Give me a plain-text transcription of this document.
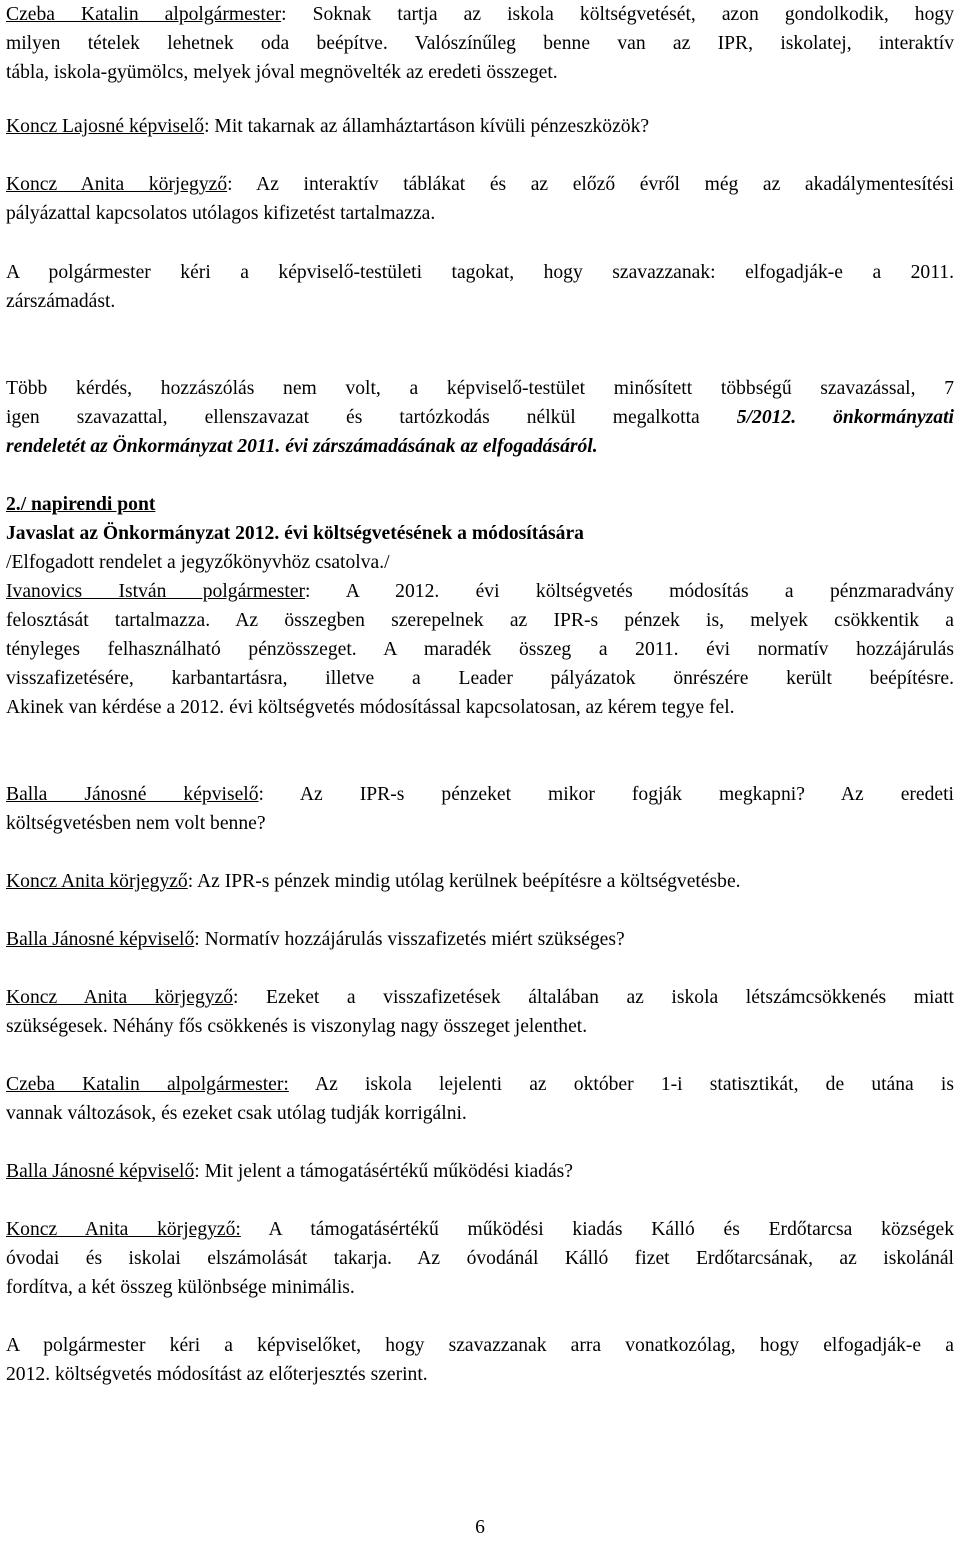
Czeba Katalin alpolgármester: Soknak tartja az iskola költségvetését, azon gondolkodik, hogy
milyen tételek lehetnek oda beépítve. Valószínűleg benne van az IPR, iskolatej, interaktív
tábla, iskola-gyümölcs, melyek jóval megnövelték az eredeti összeget.
Koncz Lajosné képviselő: Mit takarnak az államháztartáson kívüli pénzeszközök?
Koncz Anita körjegyző: Az interaktív táblákat és az előző évről még az akadálymentesítési
pályázattal kapcsolatos utólagos kifizetést tartalmazza.
A polgármester kéri a képviselő-testületi tagokat, hogy szavazzanak: elfogadják-e a 2011.
zárszámadást.
Több kérdés, hozzászólás nem volt, a képviselő-testület minősített többségű szavazással, 7
igen szavazattal, ellenszavazat és tartózkodás nélkül megalkotta 5/2012. önkormányzati
rendeletét az Önkormányzat 2011. évi zárszámadásának az elfogadásáról.
2./ napirendi pont
Javaslat az Önkormányzat 2012. évi költségvetésének a módosítására
/Elfogadott rendelet a jegyzőkönyvhöz csatolva./
Ivanovics István polgármester: A 2012. évi költségvetés módosítás a pénzmaradvány
felosztását tartalmazza. Az összegben szerepelnek az IPR-s pénzek is, melyek csökkentik a
tényleges felhasználható pénzösszeget. A maradék összeg a 2011. évi normatív hozzájárulás
visszafizetésére, karbantartásra, illetve a Leader pályázatok önrészére került beépítésre.
Akinek van kérdése a 2012. évi költségvetés módosítással kapcsolatosan, az kérem tegye fel.
Balla Jánosné képviselő: Az IPR-s pénzeket mikor fogják megkapni? Az eredeti
költségvetésben nem volt benne?
Koncz Anita körjegyző: Az IPR-s pénzek mindig utólag kerülnek beépítésre a költségvetésbe.
Balla Jánosné képviselő: Normatív hozzájárulás visszafizetés miért szükséges?
Koncz Anita körjegyző: Ezeket a visszafizetések általában az iskola létszámcsökkenés miatt
szükségesek. Néhány fős csökkenés is viszonylag nagy összeget jelenthet.
Czeba Katalin alpolgármester: Az iskola lejelenti az október 1-i statisztikát, de utána is
vannak változások, és ezeket csak utólag tudják korrigálni.
Balla Jánosné képviselő: Mit jelent a támogatásértékű működési kiadás?
Koncz Anita körjegyző: A támogatásértékű működési kiadás Kálló és Erdőtarcsa községek
óvodai és iskolai elszámolását takarja. Az óvodánál Kálló fizet Erdőtarcsának, az iskolánál
fordítva, a két összeg különbsége minimális.
A polgármester kéri a képviselőket, hogy szavazzanak arra vonatkozólag, hogy elfogadják-e a
2012. költségvetés módosítást az előterjesztés szerint.
6
